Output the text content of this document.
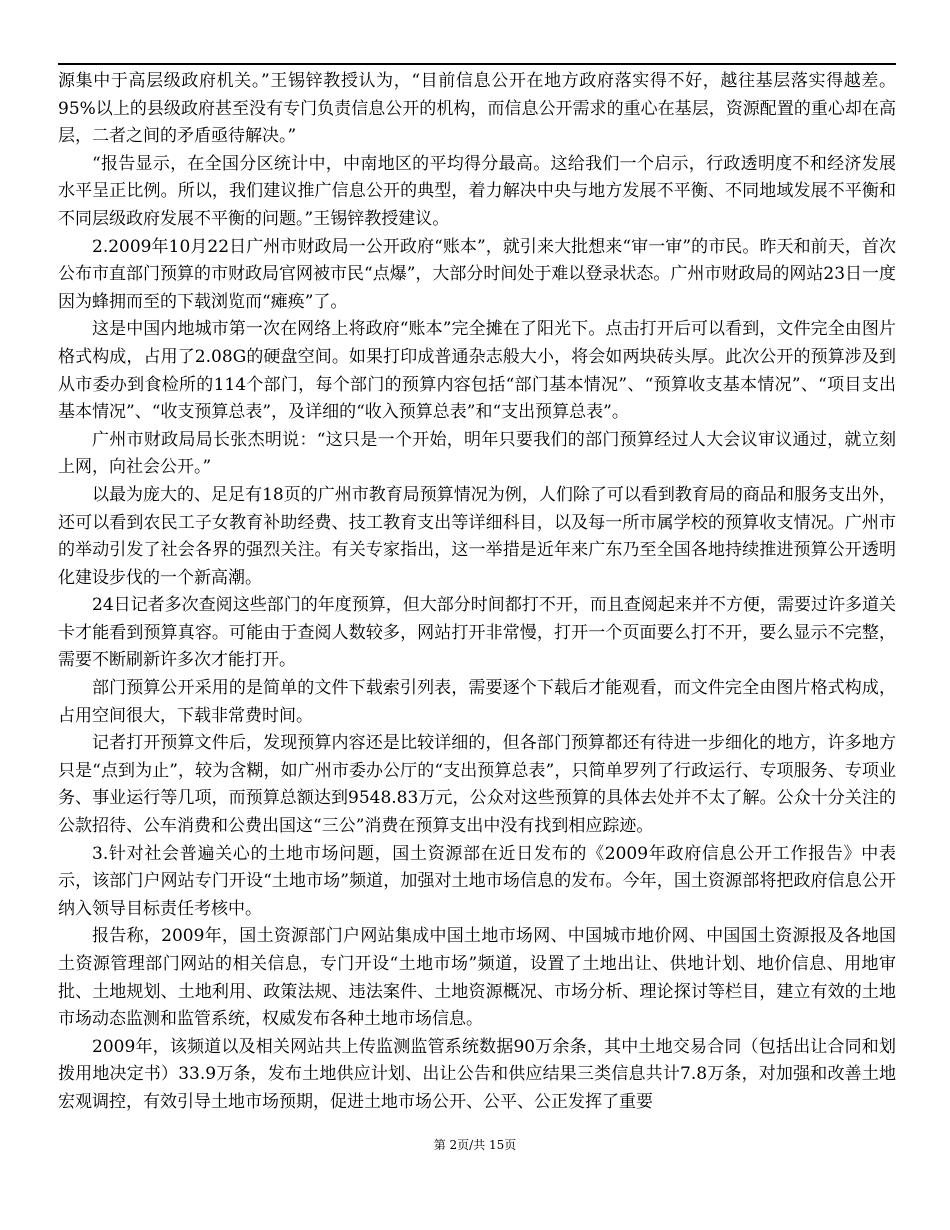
源集中于高层级政府机关。”王锡锌教授认为，“目前信息公开在地方政府落实得不好，越往基层落实得越差。95%以上的县级政府甚至没有专门负责信息公开的机构，而信息公开需求的重心在基层，资源配置的重心却在高层，二者之间的矛盾亟待解决。”

“报告显示，在全国分区统计中，中南地区的平均得分最高。这给我们一个启示，行政透明度不和经济发展水平呈正比例。所以，我们建议推广信息公开的典型，着力解决中央与地方发展不平衡、不同地域发展不平衡和不同层级政府发展不平衡的问题。”王锡锌教授建议。

2.2009年10月22日广州市财政局一公开政府“账本”，就引来大批想来“审一审”的市民。昨天和前天，首次公布市直部门预算的市财政局官网被市民“点爆”，大部分时间处于难以登录状态。广州市财政局的网站23日一度因为蜂拥而至的下载浏览而“瘫痪”了。

这是中国内地城市第一次在网络上将政府“账本”完全摊在了阳光下。点击打开后可以看到，文件完全由图片格式构成，占用了2.08G的硬盘空间。如果打印成普通杂志般大小，将会如两块砖头厚。此次公开的预算涉及到从市委办到食检所的114个部门，每个部门的预算内容包括“部门基本情况”、“预算收支基本情况”、“项目支出基本情况”、“收支预算总表”，及详细的“收入预算总表”和“支出预算总表”。

广州市财政局局长张杰明说：“这只是一个开始，明年只要我们的部门预算经过人大会议审议通过，就立刻上网，向社会公开。”

以最为庞大的、足足有18页的广州市教育局预算情况为例，人们除了可以看到教育局的商品和服务支出外，还可以看到农民工子女教育补助经费、技工教育支出等详细科目，以及每一所市属学校的预算收支情况。广州市的举动引发了社会各界的强烈关注。有关专家指出，这一举措是近年来广东乃至全国各地持续推进预算公开透明化建设步伐的一个新高潮。

24日记者多次查阅这些部门的年度预算，但大部分时间都打不开，而且查阅起来并不方便，需要过许多道关卡才能看到预算真容。可能由于查阅人数较多，网站打开非常慢，打开一个页面要么打不开，要么显示不完整，需要不断刷新许多次才能打开。

部门预算公开采用的是简单的文件下载索引列表，需要逐个下载后才能观看，而文件完全由图片格式构成，占用空间很大，下载非常费时间。

记者打开预算文件后，发现预算内容还是比较详细的，但各部门预算都还有待进一步细化的地方，许多地方只是“点到为止”，较为含糊，如广州市委办公厅的“支出预算总表”，只简单罗列了行政运行、专项服务、专项业务、事业运行等几项，而预算总额达到9548.83万元，公众对这些预算的具体去处并不太了解。公众十分关注的公款招待、公车消费和公费出国这“三公”消费在预算支出中没有找到相应踪迹。

3.针对社会普遍关心的土地市场问题，国土资源部在近日发布的《2009年政府信息公开工作报告》中表示，该部门户网站专门开设“土地市场”频道，加强对土地市场信息的发布。今年，国土资源部将把政府信息公开纳入领导目标责任考核中。

报告称，2009年，国土资源部门户网站集成中国土地市场网、中国城市地价网、中国国土资源报及各地国土资源管理部门网站的相关信息，专门开设“土地市场”频道，设置了土地出让、供地计划、地价信息、用地审批、土地规划、土地利用、政策法规、违法案件、土地资源概况、市场分析、理论探讨等栏目，建立有效的土地市场动态监测和监管系统，权威发布各种土地市场信息。

2009年，该频道以及相关网站共上传监测监管系统数据90万余条，其中土地交易合同（包括出让合同和划拨用地决定书）33.9万条，发布土地供应计划、出让公告和供应结果三类信息共计7.8万条，对加强和改善土地宏观调控，有效引导土地市场预期，促进土地市场公开、公平、公正发挥了重要

第 2页/共 15页
